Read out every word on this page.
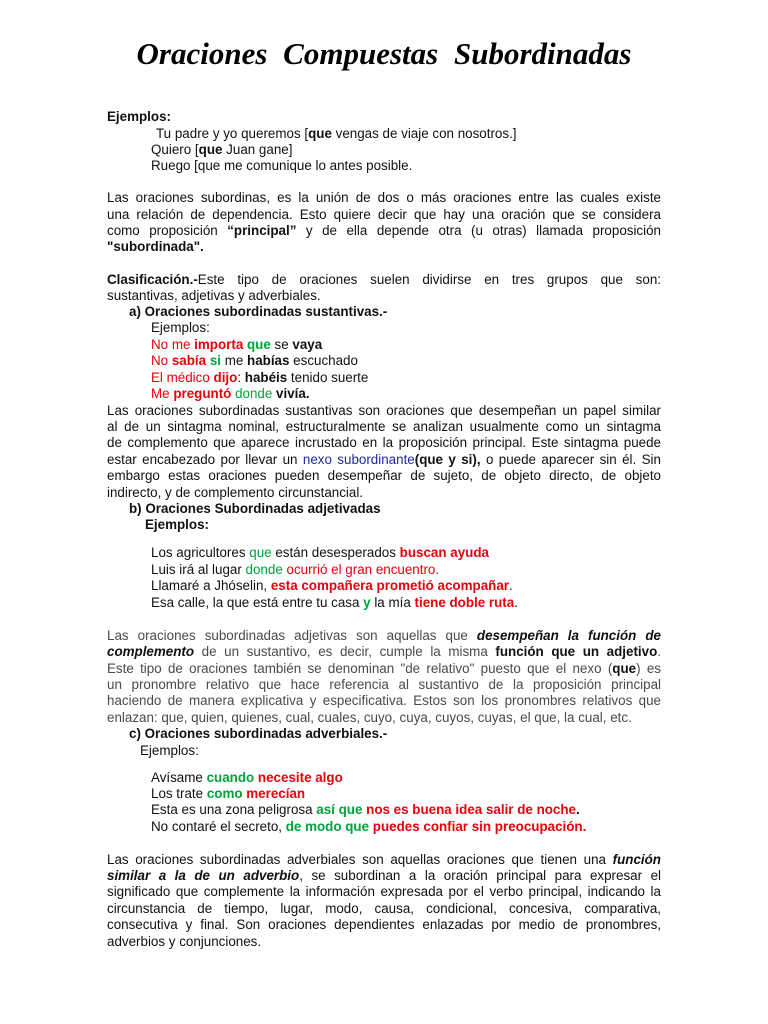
Oraciones Compuestas Subordinadas
Ejemplos:
Tu padre y yo queremos [que vengas de viaje con nosotros.]
Quiero [que Juan gane]
Ruego [que me comunique lo antes posible.
Las oraciones subordinas, es la unión de dos o más oraciones entre las cuales existe
una relación de dependencia. Esto quiere decir que hay una oración que se considera
como proposición “principal” y de ella depende otra (u otras) llamada proposición
"subordinada".
Clasificación.-Este tipo de oraciones suelen dividirse en tres grupos que son:
sustantivas, adjetivas y adverbiales.
a) Oraciones subordinadas sustantivas.-
Ejemplos:
No me importa que se vaya
No sabía si me habías escuchado
El médico dijo: habéis tenido suerte
Me preguntó donde vivía.
Las oraciones subordinadas sustantivas son oraciones que desempeñan un papel similar
al de un sintagma nominal, estructuralmente se analizan usualmente como un sintagma
de complemento que aparece incrustado en la proposición principal. Este sintagma puede
estar encabezado por llevar un nexo subordinante(que y si), o puede aparecer sin él. Sin
embargo estas oraciones pueden desempeñar de sujeto, de objeto directo, de objeto
indirecto, y de complemento circunstancial.
b) Oraciones Subordinadas adjetivadas
Ejemplos:
Los agricultores que están desesperados buscan ayuda
Luis irá al lugar donde ocurrió el gran encuentro.
Llamaré a Jhóselin, esta compañera prometió acompañar.
Esa calle, la que está entre tu casa y la mía tiene doble ruta.
Las oraciones subordinadas adjetivas son aquellas que desempeñan la función de
complemento de un sustantivo, es decir, cumple la misma función que un adjetivo.
Este tipo de oraciones también se denominan "de relativo" puesto que el nexo (que) es
un pronombre relativo que hace referencia al sustantivo de la proposición principal
haciendo de manera explicativa y especificativa. Estos son los pronombres relativos que
enlazan: que, quien, quienes, cual, cuales, cuyo, cuya, cuyos, cuyas, el que, la cual, etc.
c) Oraciones subordinadas adverbiales.-
Ejemplos:
Avísame cuando necesite algo
Los trate como merecían
Esta es una zona peligrosa así que nos es buena idea salir de noche.
No contaré el secreto, de modo que puedes confiar sin preocupación.
Las oraciones subordinadas adverbiales son aquellas oraciones que tienen una función
similar a la de un adverbio, se subordinan a la oración principal para expresar el
significado que complemente la información expresada por el verbo principal, indicando la
circunstancia de tiempo, lugar, modo, causa, condicional, concesiva, comparativa,
consecutiva y final. Son oraciones dependientes enlazadas por medio de pronombres,
adverbios y conjunciones.
